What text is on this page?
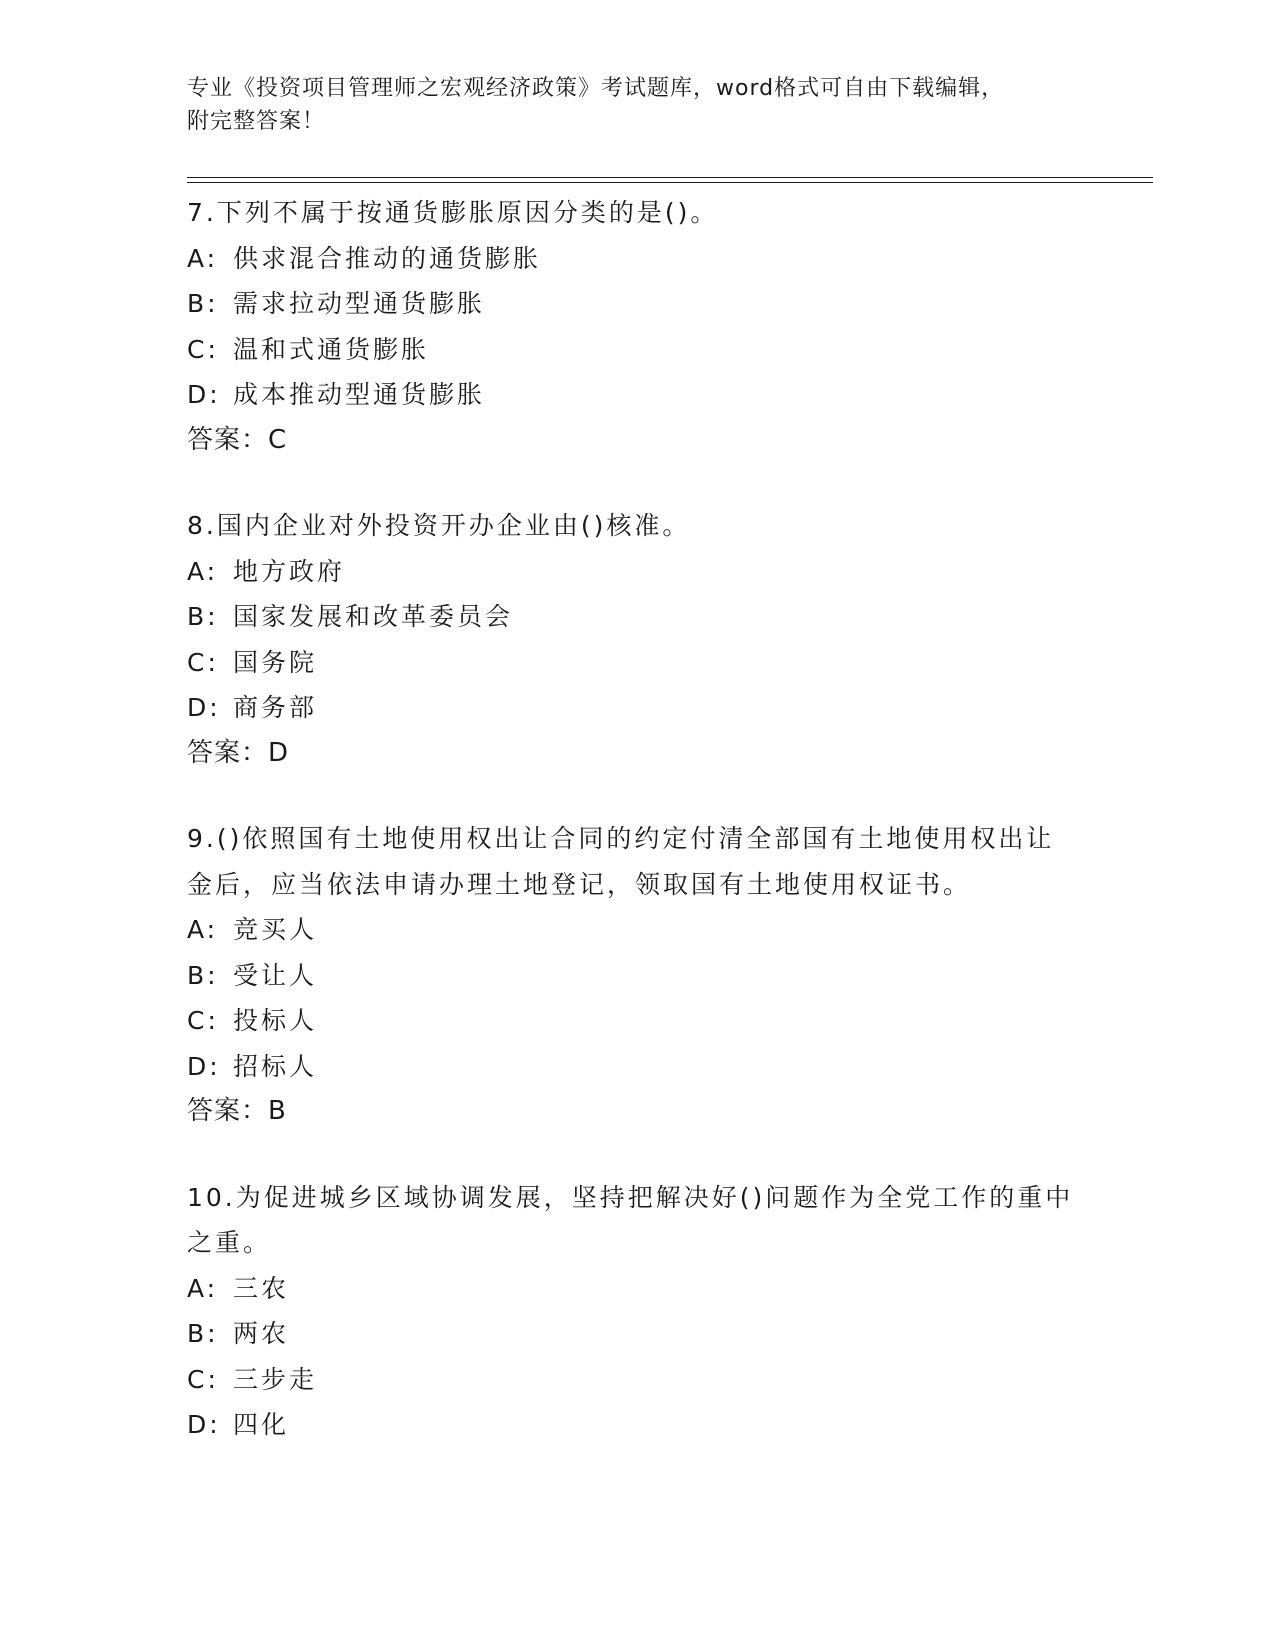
专业《投资项目管理师之宏观经济政策》考试题库，word格式可自由下载编辑，
附完整答案！
7.下列不属于按通货膨胀原因分类的是()。
A: 供求混合推动的通货膨胀
B: 需求拉动型通货膨胀
C: 温和式通货膨胀
D: 成本推动型通货膨胀
答案：C
8.国内企业对外投资开办企业由()核准。
A: 地方政府
B: 国家发展和改革委员会
C: 国务院
D: 商务部
答案：D
9.()依照国有土地使用权出让合同的约定付清全部国有土地使用权出让金后，应当依法申请办理土地登记，领取国有土地使用权证书。
A: 竞买人
B: 受让人
C: 投标人
D: 招标人
答案：B
10.为促进城乡区域协调发展，坚持把解决好()问题作为全党工作的重中之重。
A: 三农
B: 两农
C: 三步走
D: 四化
